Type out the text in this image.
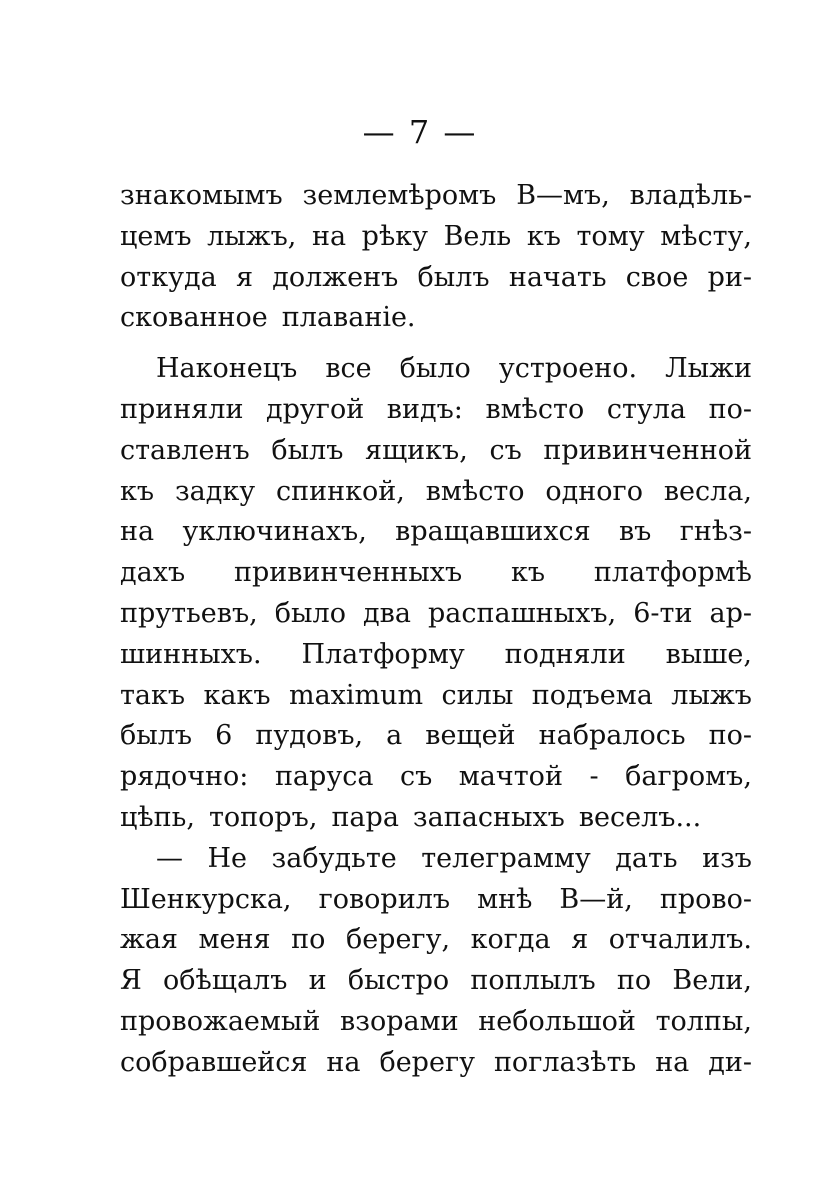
— 7 —
знакомымъ землемѣромъ В—мъ, владѣль-
цемъ лыжъ, на рѣку Вель къ тому мѣсту,
откуда я долженъ былъ начать свое ри-
скованное плаваніе.
Наконецъ все было устроено. Лыжи
приняли другой видъ: вмѣсто стула по-
ставленъ былъ ящикъ, съ привинченной
къ задку спинкой, вмѣсто одного весла,
на уключинахъ, вращавшихся въ гнѣз-
дахъ привинченныхъ къ платформѣ
прутьевъ, было два распашныхъ, 6-ти ар-
шинныхъ. Платформу подняли выше,
такъ какъ maximum силы подъема лыжъ
былъ 6 пудовъ, а вещей набралось по-
рядочно: паруса съ мачтой - багромъ,
цѣпь, топоръ, пара запасныхъ веселъ...
— Не забудьте телеграмму дать изъ
Шенкурска, говорилъ мнѣ В—й, прово-
жая меня по берегу, когда я отчалилъ.
Я обѣщалъ и быстро поплылъ по Вели,
провожаемый взорами небольшой толпы,
собравшейся на берегу поглазѣть на ди-
